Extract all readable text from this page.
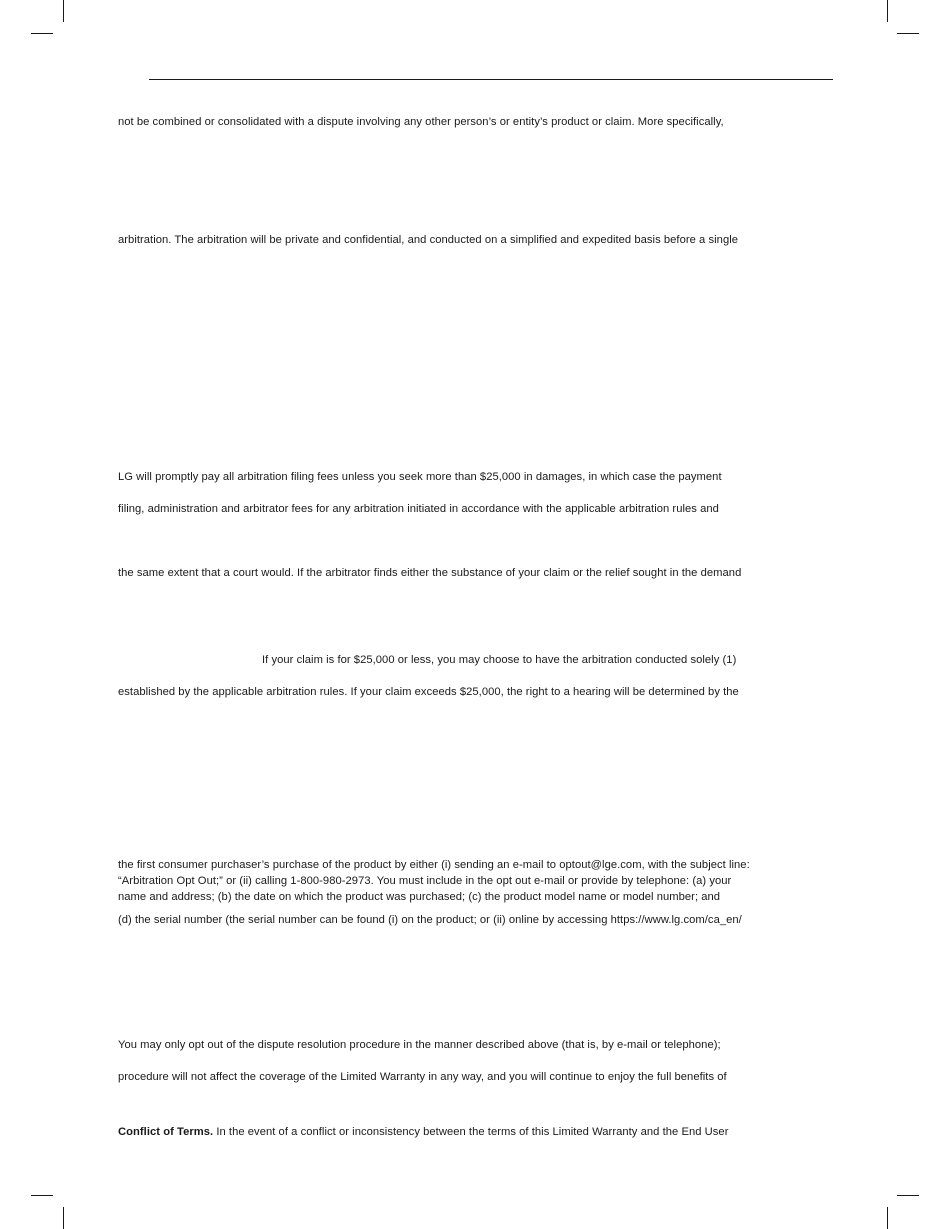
not be combined or consolidated with a dispute involving any other person’s or entity’s product or claim. More specifically,
arbitration. The arbitration will be private and confidential, and conducted on a simplified and expedited basis before a single
LG will promptly pay all arbitration filing fees unless you seek more than $25,000 in damages, in which case the payment
filing, administration and arbitrator fees for any arbitration initiated in accordance with the applicable arbitration rules and
the same extent that a court would. If the arbitrator finds either the substance of your claim or the relief sought in the demand
If your claim is for $25,000 or less, you may choose to have the arbitration conducted solely (1)
established by the applicable arbitration rules. If your claim exceeds $25,000, the right to a hearing will be determined by the
the first consumer purchaser’s purchase of the product by either (i) sending an e-mail to optout@lge.com, with the subject line:
“Arbitration Opt Out;” or (ii) calling 1-800-980-2973. You must include in the opt out e-mail or provide by telephone: (a) your
name and address; (b) the date on which the product was purchased; (c) the product model name or model number; and
(d) the serial number (the serial number can be found (i) on the product; or (ii) online by accessing https://www.lg.com/ca_en/
You may only opt out of the dispute resolution procedure in the manner described above (that is, by e-mail or telephone);
procedure will not affect the coverage of the Limited Warranty in any way, and you will continue to enjoy the full benefits of
Conflict of Terms. In the event of a conflict or inconsistency between the terms of this Limited Warranty and the End User
